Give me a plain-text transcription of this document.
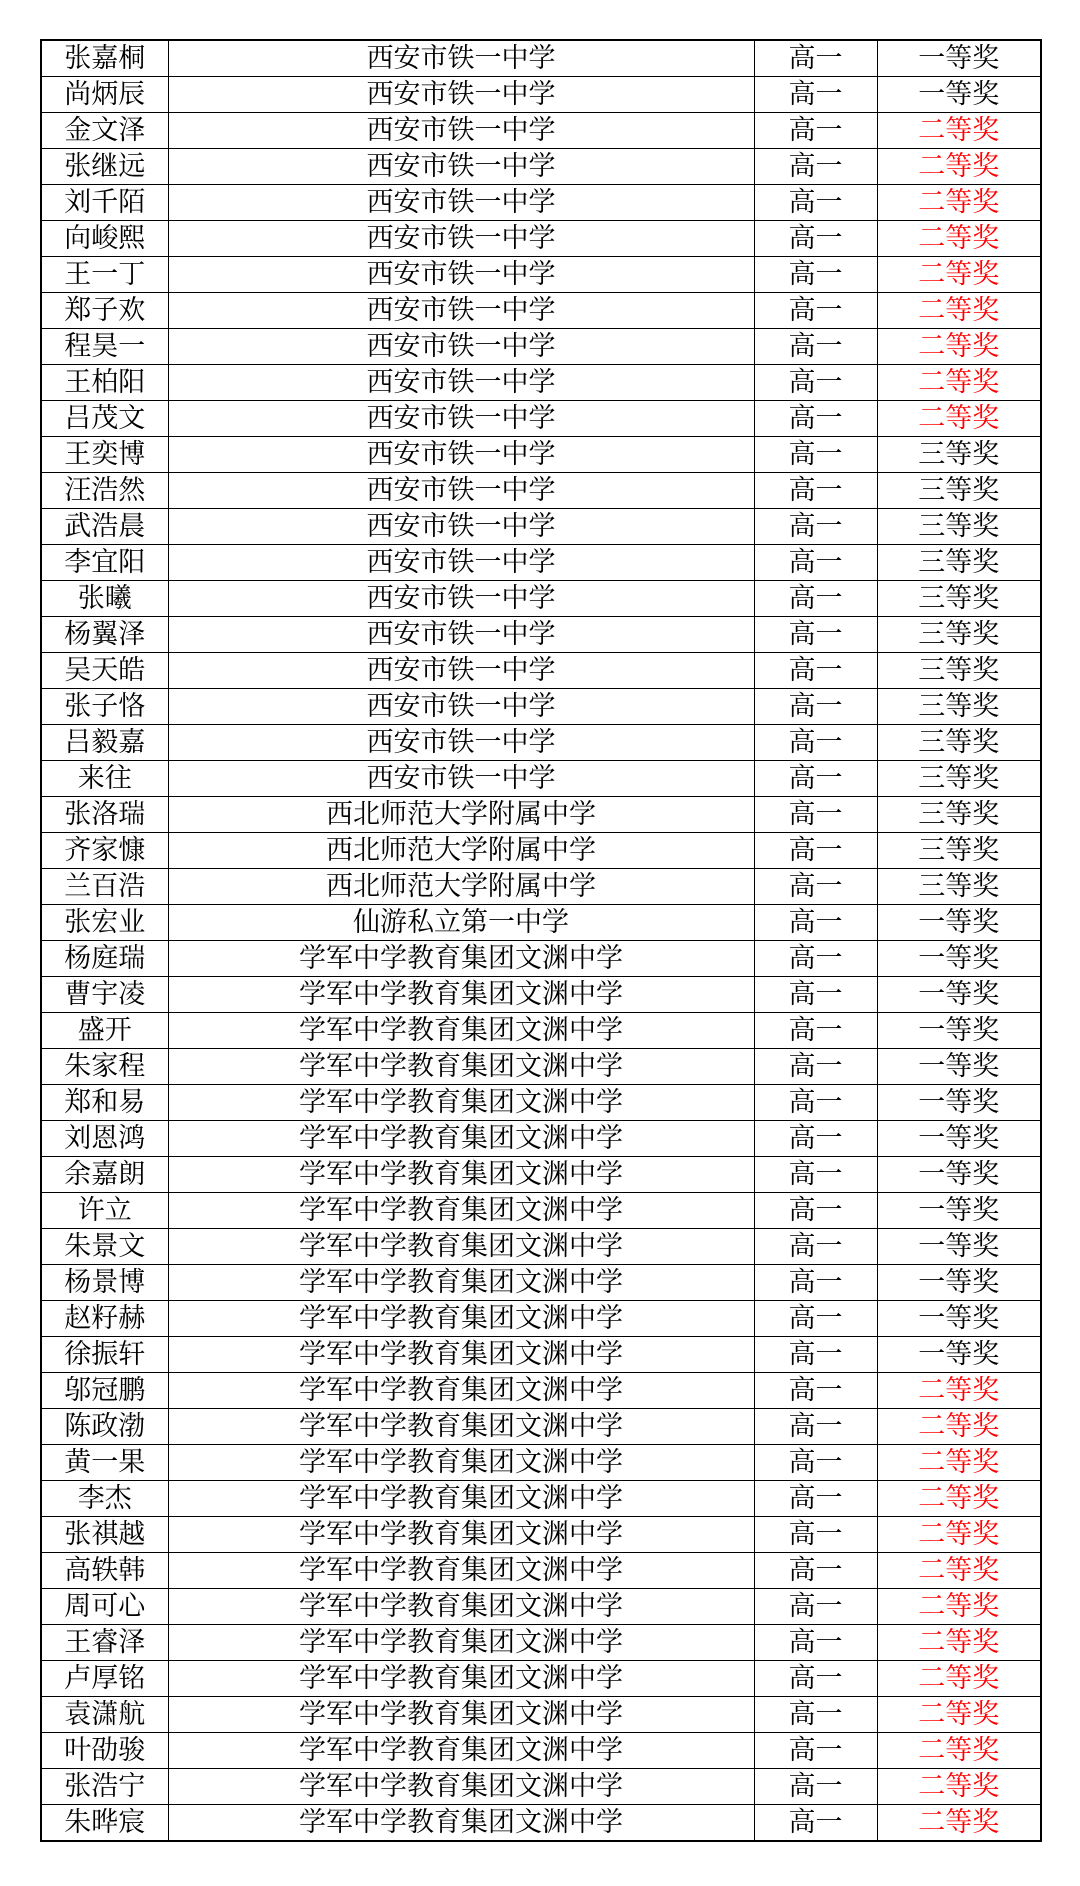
张嘉桐	西安市铁一中学	高一	一等奖
尚炳辰	西安市铁一中学	高一	一等奖
金文泽	西安市铁一中学	高一	二等奖
张继远	西安市铁一中学	高一	二等奖
刘千陌	西安市铁一中学	高一	二等奖
向峻熙	西安市铁一中学	高一	二等奖
王一丁	西安市铁一中学	高一	二等奖
郑子欢	西安市铁一中学	高一	二等奖
程昊一	西安市铁一中学	高一	二等奖
王柏阳	西安市铁一中学	高一	二等奖
吕茂文	西安市铁一中学	高一	二等奖
王奕博	西安市铁一中学	高一	三等奖
汪浩然	西安市铁一中学	高一	三等奖
武浩晨	西安市铁一中学	高一	三等奖
李宜阳	西安市铁一中学	高一	三等奖
张曦	西安市铁一中学	高一	三等奖
杨翼泽	西安市铁一中学	高一	三等奖
吴天皓	西安市铁一中学	高一	三等奖
张子恪	西安市铁一中学	高一	三等奖
吕毅嘉	西安市铁一中学	高一	三等奖
来往	西安市铁一中学	高一	三等奖
张洛瑞	西北师范大学附属中学	高一	三等奖
齐家慷	西北师范大学附属中学	高一	三等奖
兰百浩	西北师范大学附属中学	高一	三等奖
张宏业	仙游私立第一中学	高一	一等奖
杨庭瑞	学军中学教育集团文渊中学	高一	一等奖
曹宇凌	学军中学教育集团文渊中学	高一	一等奖
盛开	学军中学教育集团文渊中学	高一	一等奖
朱家程	学军中学教育集团文渊中学	高一	一等奖
郑和易	学军中学教育集团文渊中学	高一	一等奖
刘恩鸿	学军中学教育集团文渊中学	高一	一等奖
余嘉朗	学军中学教育集团文渊中学	高一	一等奖
许立	学军中学教育集团文渊中学	高一	一等奖
朱景文	学军中学教育集团文渊中学	高一	一等奖
杨景博	学军中学教育集团文渊中学	高一	一等奖
赵籽赫	学军中学教育集团文渊中学	高一	一等奖
徐振轩	学军中学教育集团文渊中学	高一	一等奖
邬冠鹏	学军中学教育集团文渊中学	高一	二等奖
陈政渤	学军中学教育集团文渊中学	高一	二等奖
黄一果	学军中学教育集团文渊中学	高一	二等奖
李杰	学军中学教育集团文渊中学	高一	二等奖
张祺越	学军中学教育集团文渊中学	高一	二等奖
高轶韩	学军中学教育集团文渊中学	高一	二等奖
周可心	学军中学教育集团文渊中学	高一	二等奖
王睿泽	学军中学教育集团文渊中学	高一	二等奖
卢厚铭	学军中学教育集团文渊中学	高一	二等奖
袁潇航	学军中学教育集团文渊中学	高一	二等奖
叶劭骏	学军中学教育集团文渊中学	高一	二等奖
张浩宁	学军中学教育集团文渊中学	高一	二等奖
朱晔宸	学军中学教育集团文渊中学	高一	二等奖
